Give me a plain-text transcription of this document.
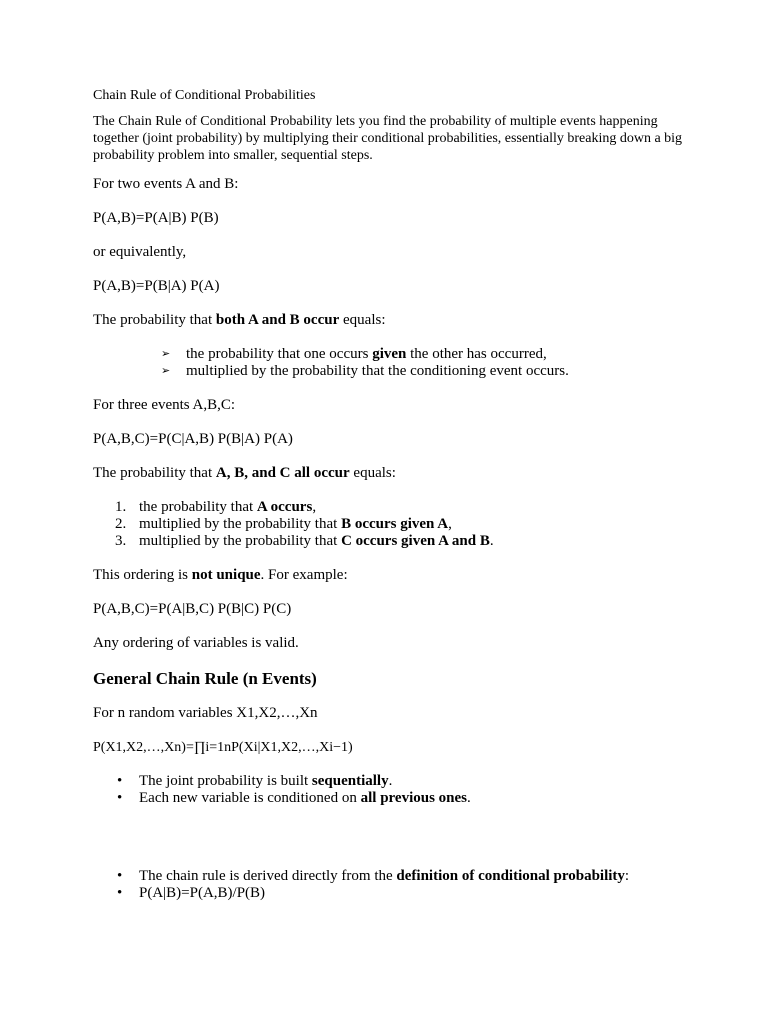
Chain Rule of Conditional Probabilities

The Chain Rule of Conditional Probability lets you find the probability of multiple events happening together (joint probability) by multiplying their conditional probabilities, essentially breaking down a big probability problem into smaller, sequential steps.

For two events A and B:

P(A,B)=P(A|B) P(B)

or equivalently,

P(A,B)=P(B|A) P(A)

The probability that both A and B occur equals:

➢ the probability that one occurs given the other has occurred,
➢ multiplied by the probability that the conditioning event occurs.

For three events A,B,C:

P(A,B,C)=P(C|A,B) P(B|A) P(A)

The probability that A, B, and C all occur equals:

1. the probability that A occurs,
2. multiplied by the probability that B occurs given A,
3. multiplied by the probability that C occurs given A and B.

This ordering is not unique. For example:

P(A,B,C)=P(A|B,C) P(B|C) P(C)

Any ordering of variables is valid.

General Chain Rule (n Events)

For n random variables X1,X2,…,Xn

P(X1,X2,…,Xn)=∏i=1nP(Xi|X1,X2,…,Xi−1)

• The joint probability is built sequentially.
• Each new variable is conditioned on all previous ones.
• The chain rule is derived directly from the definition of conditional probability:
• P(A|B)=P(A,B)/P(B)
